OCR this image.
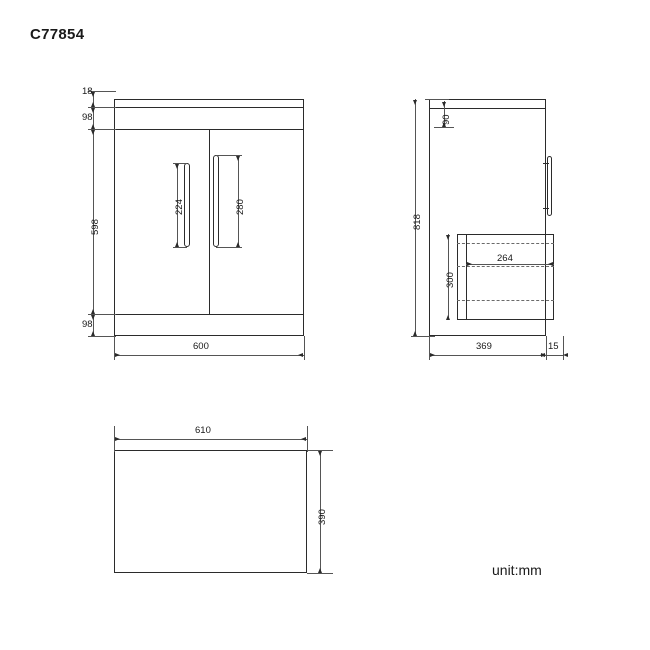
C77854
18
98
598
98
224	280
600
90
818
300
264
369	15
610
390
unit:mm
